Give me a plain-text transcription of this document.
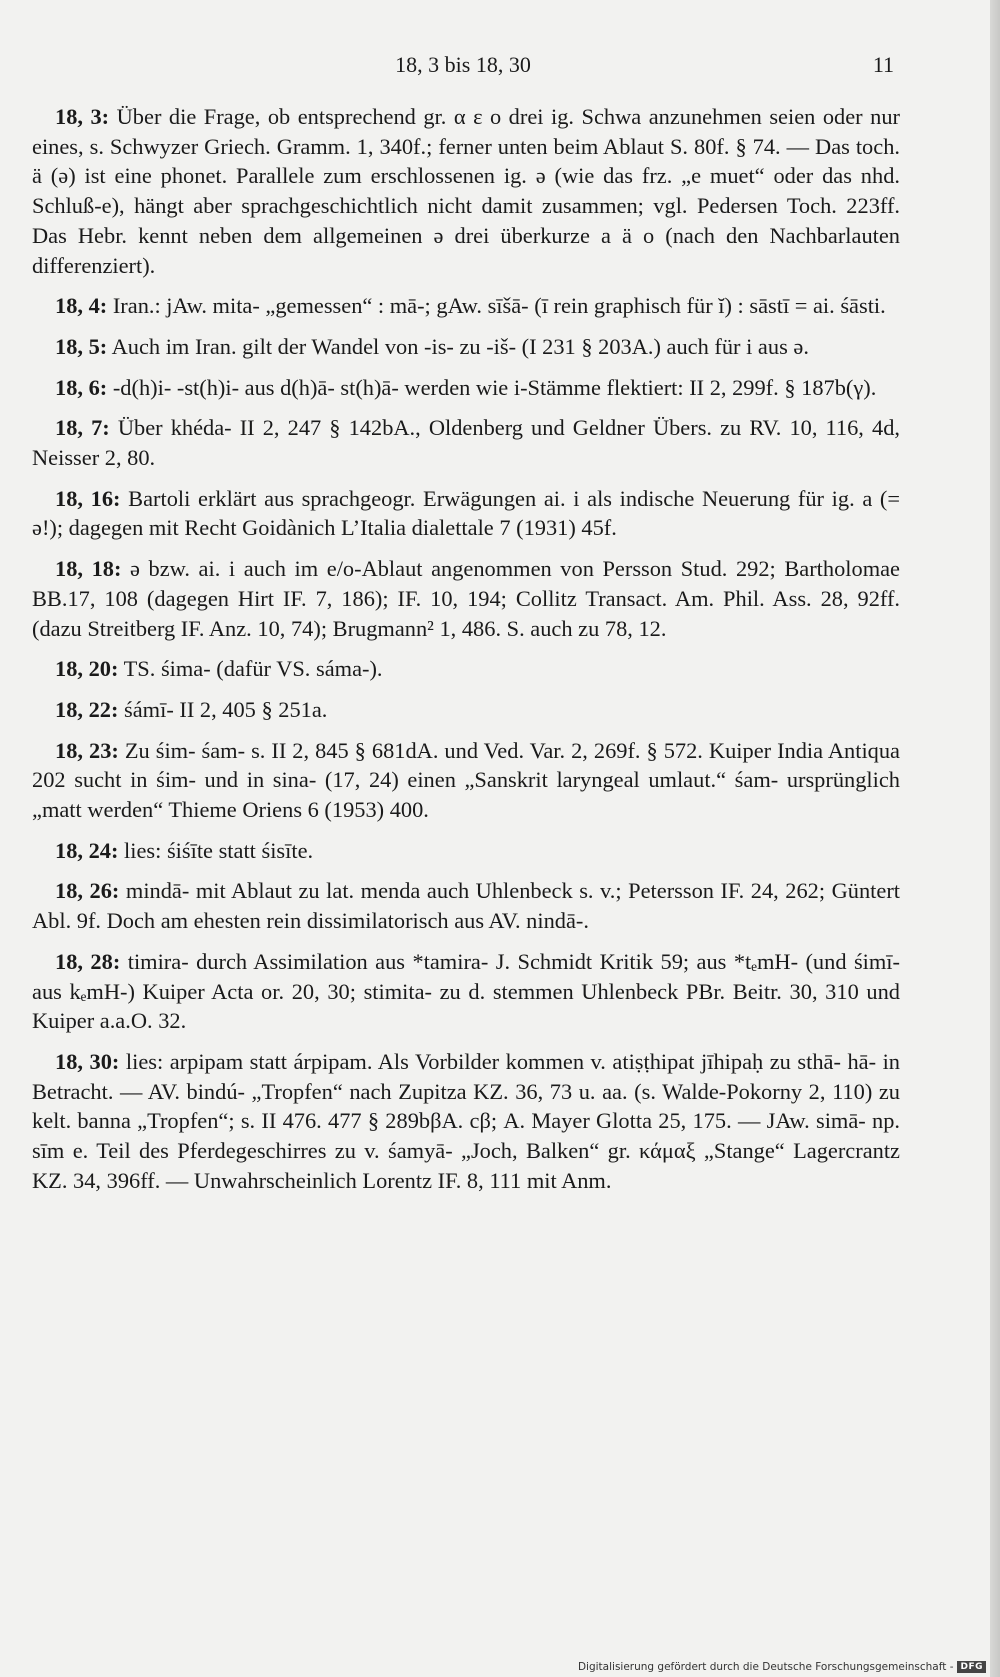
18, 3 bis 18, 30	11

18, 3: Über die Frage, ob entsprechend gr. α ε ο drei ig. Schwa anzunehmen seien oder nur eines, s. Schwyzer Griech. Gramm. 1, 340f.; ferner unten beim Ablaut S. 80f. § 74. — Das toch. ä (ə) ist eine phonet. Parallele zum erschlossenen ig. ə (wie das frz. „e muet“ oder das nhd. Schluß-e), hängt aber sprachgeschichtlich nicht damit zusammen; vgl. Pedersen Toch. 223ff. Das Hebr. kennt neben dem allgemeinen ə drei überkurze a ä o (nach den Nachbarlauten differenziert).

18, 4: Iran.: jAw. mita- „gemessen“ : mā-; gAw. sīšā- (ī rein graphisch für ĭ) : sāstī = ai. śāsti.

18, 5: Auch im Iran. gilt der Wandel von -is- zu -iš- (I 231 § 203A.) auch für i aus ə.

18, 6: -d(h)i- -st(h)i- aus d(h)ā- st(h)ā- werden wie i-Stämme flektiert: II 2, 299f. § 187b(γ).

18, 7: Über khéda- II 2, 247 § 142bA., Oldenberg und Geldner Übers. zu RV. 10, 116, 4d, Neisser 2, 80.

18, 16: Bartoli erklärt aus sprachgeogr. Erwägungen ai. i als indische Neuerung für ig. a (= ə!); dagegen mit Recht Goidànich L’Italia dialettale 7 (1931) 45f.

18, 18: ə bzw. ai. i auch im e/o-Ablaut angenommen von Persson Stud. 292; Bartholomae BB.17, 108 (dagegen Hirt IF. 7, 186); IF. 10, 194; Collitz Transact. Am. Phil. Ass. 28, 92ff. (dazu Streitberg IF. Anz. 10, 74); Brugmann² 1, 486. S. auch zu 78, 12.

18, 20: TS. śima- (dafür VS. sáma-).

18, 22: śámī- II 2, 405 § 251a.

18, 23: Zu śim- śam- s. II 2, 845 § 681dA. und Ved. Var. 2, 269f. § 572. Kuiper India Antiqua 202 sucht in śim- und in sina- (17, 24) einen „Sanskrit laryngeal umlaut.“ śam- ursprünglich „matt werden“ Thieme Oriens 6 (1953) 400.

18, 24: lies: śiśīte statt śisīte.

18, 26: mindā- mit Ablaut zu lat. menda auch Uhlenbeck s. v.; Petersson IF. 24, 262; Güntert Abl. 9f. Doch am ehesten rein dissimilatorisch aus AV. nindā-.

18, 28: timira- durch Assimilation aus *tamira- J. Schmidt Kritik 59; aus *tₑmH- (und śimī- aus kₑmH-) Kuiper Acta or. 20, 30; stimita- zu d. stemmen Uhlenbeck PBr. Beitr. 30, 310 und Kuiper a.a.O. 32.

18, 30: lies: arpipam statt árpipam. Als Vorbilder kommen v. atiṣṭhipat jīhipaḥ zu sthā- hā- in Betracht. — AV. bindú- „Tropfen“ nach Zupitza KZ. 36, 73 u. aa. (s. Walde-Pokorny 2, 110) zu kelt. banna „Tropfen“; s. II 476. 477 § 289bβA. cβ; A. Mayer Glotta 25, 175. — JAw. simā- np. sīm e. Teil des Pferdegeschirres zu v. śamyā- „Joch, Balken“ gr. κάμαξ „Stange“ Lagercrantz KZ. 34, 396ff. — Unwahrscheinlich Lorentz IF. 8, 111 mit Anm.

Digitalisierung gefördert durch die Deutsche Forschungsgemeinschaft - DFG
